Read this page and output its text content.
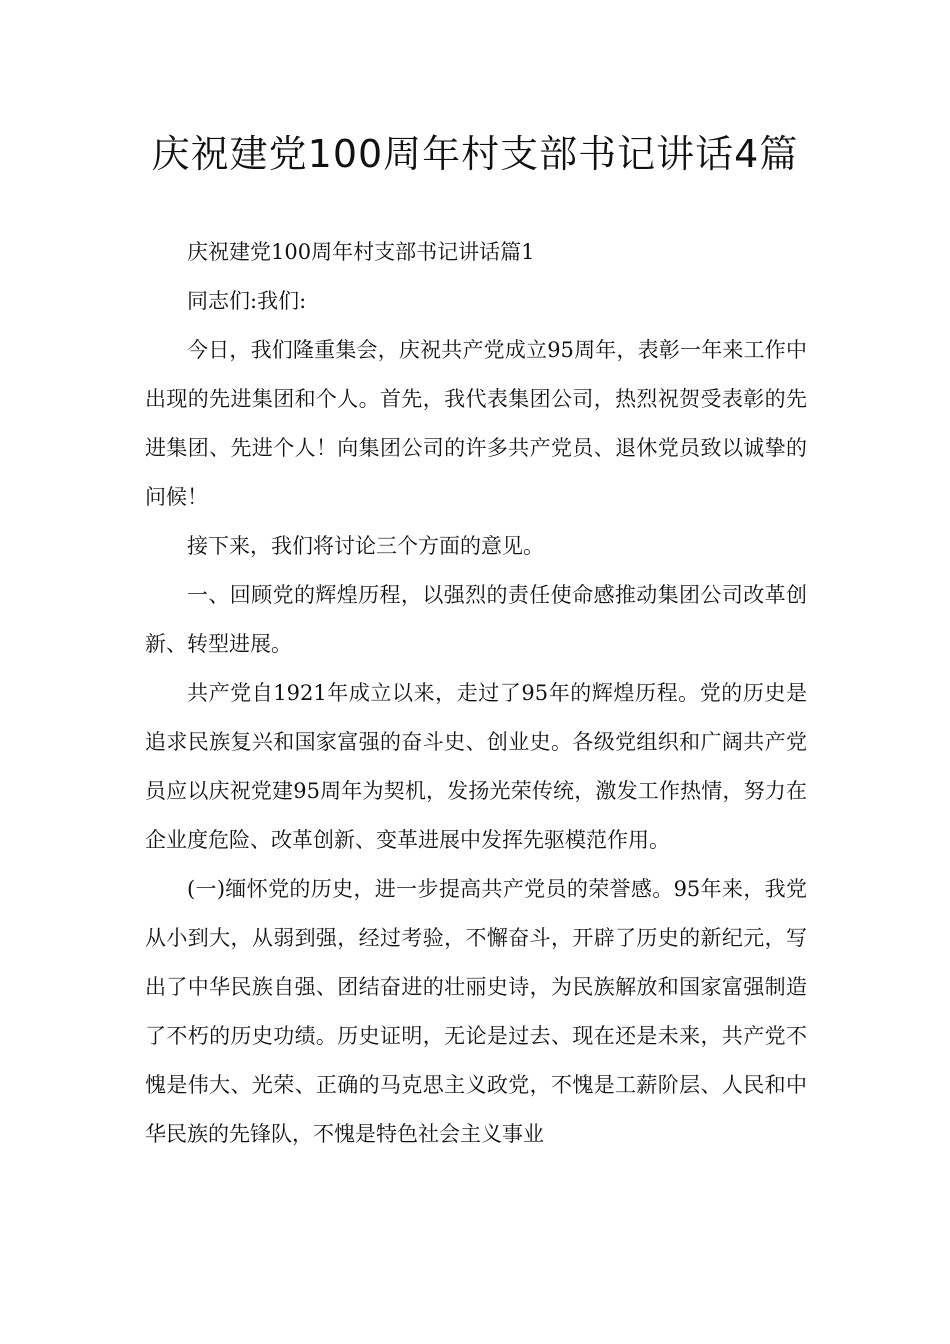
庆祝建党100周年村支部书记讲话4篇

庆祝建党100周年村支部书记讲话篇1

同志们:我们:

今日，我们隆重集会，庆祝共产党成立95周年，表彰一年来工作中出现的先进集团和个人。首先，我代表集团公司，热烈祝贺受表彰的先进集团、先进个人！向集团公司的许多共产党员、退休党员致以诚挚的问候！

接下来，我们将讨论三个方面的意见。

一、回顾党的辉煌历程，以强烈的责任使命感推动集团公司改革创新、转型进展。

共产党自1921年成立以来，走过了95年的辉煌历程。党的历史是追求民族复兴和国家富强的奋斗史、创业史。各级党组织和广阔共产党员应以庆祝党建95周年为契机，发扬光荣传统，激发工作热情，努力在企业度危险、改革创新、变革进展中发挥先驱模范作用。

(一)缅怀党的历史，进一步提高共产党员的荣誉感。95年来，我党从小到大，从弱到强，经过考验，不懈奋斗，开辟了历史的新纪元，写出了中华民族自强、团结奋进的壮丽史诗，为民族解放和国家富强制造了不朽的历史功绩。历史证明，无论是过去、现在还是未来，共产党不愧是伟大、光荣、正确的马克思主义政党，不愧是工薪阶层、人民和中华民族的先锋队，不愧是特色社会主义事业
